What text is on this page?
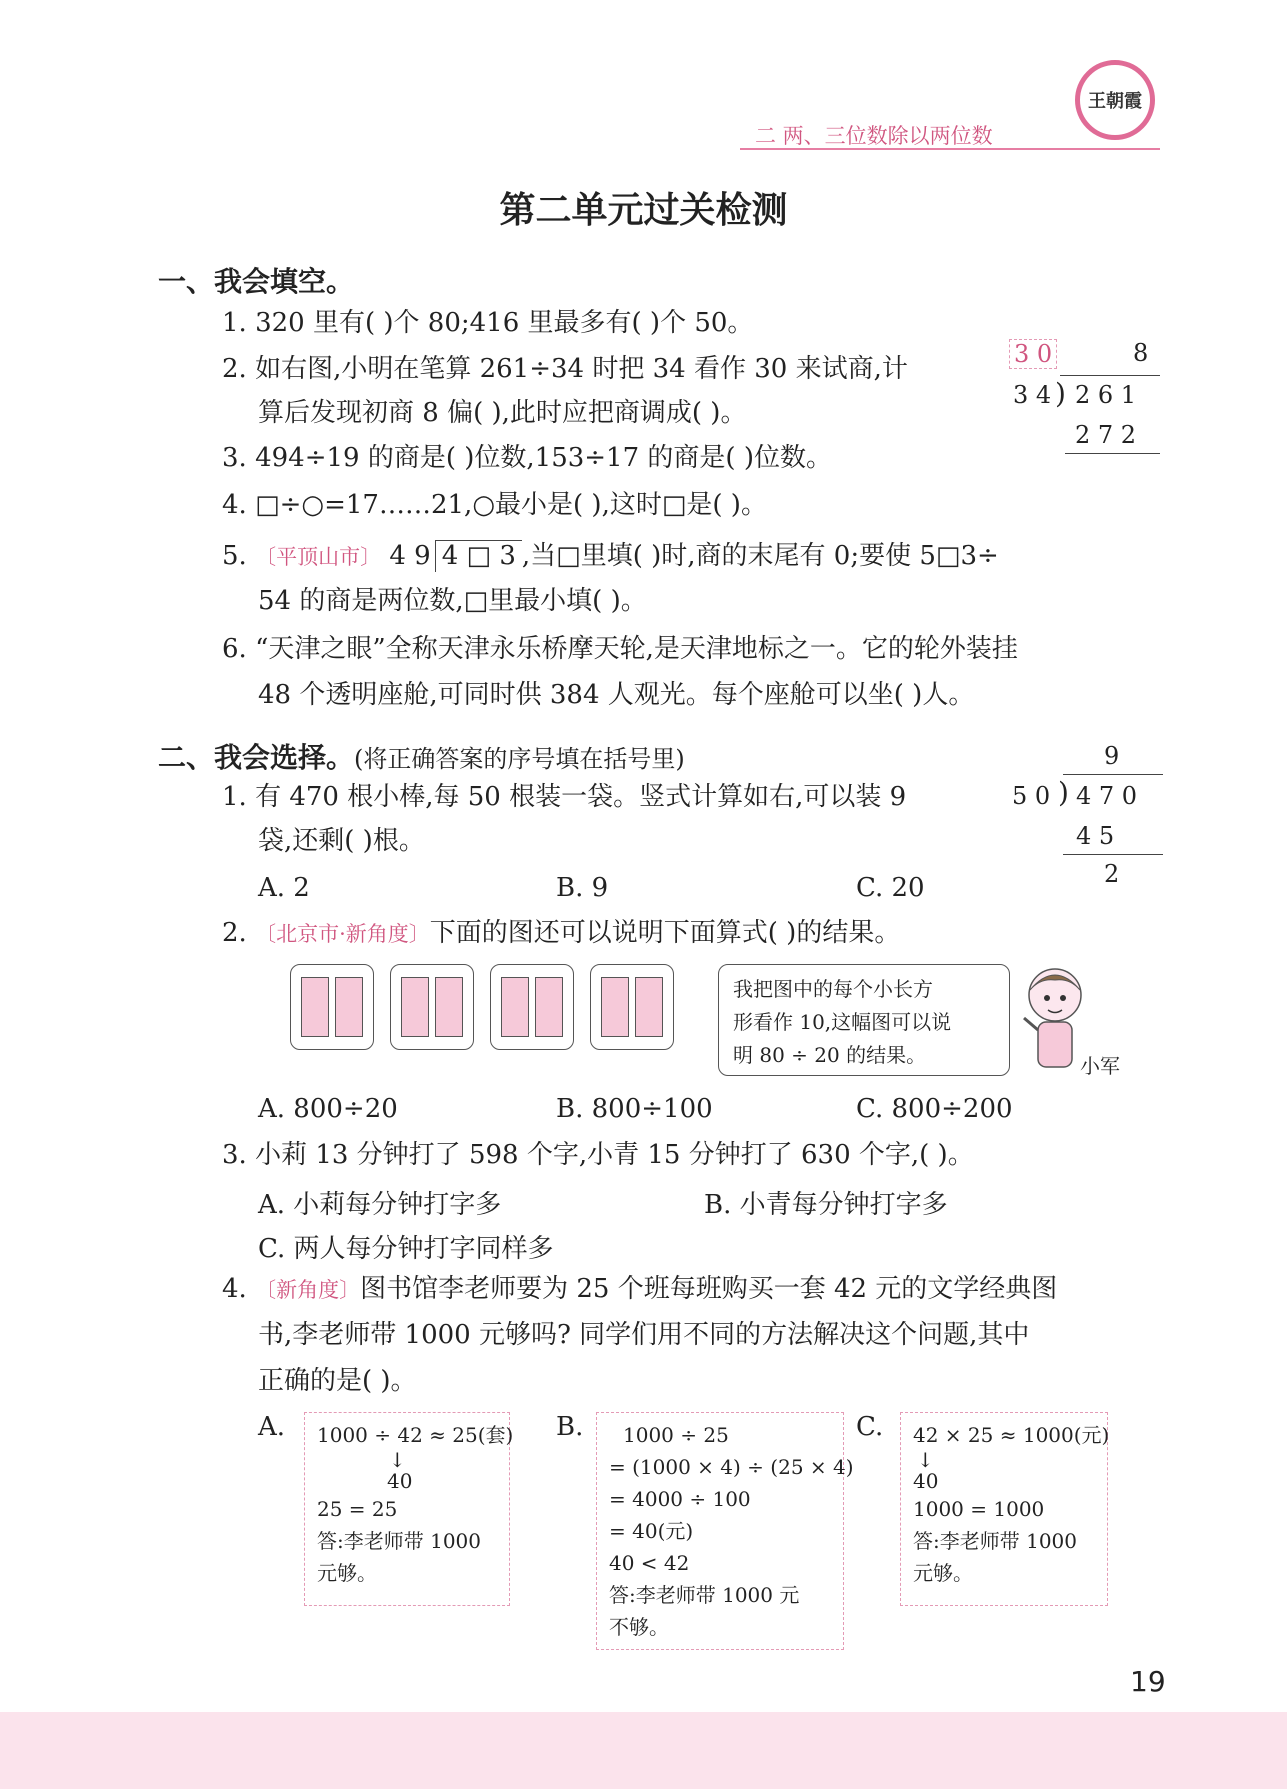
二 两、三位数除以两位数
王朝霞
第二单元过关检测
一、我会填空。
1. 320 里有( )个 80;416 里最多有( )个 50。
2. 如右图,小明在笔算 261÷34 时把 34 看作 30 来试商,计
算后发现初商 8 偏( ),此时应把商调成( )。
3 0	8
3 4 ) 2 6 1
2 7 2
3. 494÷19 的商是( )位数,153÷17 的商是( )位数。
4. □÷○=17……21,○最小是( ),这时□是( )。
5. 〔平顶山市〕 4 9 4 □ 3 ,当□里填( )时,商的末尾有 0;要使 5□3÷
54 的商是两位数,□里最小填( )。
6. “天津之眼”全称天津永乐桥摩天轮,是天津地标之一。它的轮外装挂
48 个透明座舱,可同时供 384 人观光。每个座舱可以坐( )人。
二、我会选择。(将正确答案的序号填在括号里)
1. 有 470 根小棒,每 50 根装一袋。竖式计算如右,可以装 9
袋,还剩( )根。
9
5 0 ) 4 7 0
4 5
2
A. 2	B. 9	C. 20
2. 〔北京市·新角度〕下面的图还可以说明下面算式( )的结果。
我把图中的每个小长方
形看作 10,这幅图可以说
明 80 ÷ 20 的结果。	小军
A. 800÷20	B. 800÷100	C. 800÷200
3. 小莉 13 分钟打了 598 个字,小青 15 分钟打了 630 个字,( )。
A. 小莉每分钟打字多	B. 小青每分钟打字多
C. 两人每分钟打字同样多
4. 〔新角度〕图书馆李老师要为 25 个班每班购买一套 42 元的文学经典图
书,李老师带 1000 元够吗? 同学们用不同的方法解决这个问题,其中
正确的是( )。
A. 1000 ÷ 42 ≈ 25(套)
↓
40
25 = 25
答:李老师带 1000
元够。
B.	1000 ÷ 25
= (1000 × 4) ÷ (25 × 4)
= 4000 ÷ 100
= 40(元)
40 < 42
答:李老师带 1000 元
不够。
C. 42 × 25 ≈ 1000(元)
↓
40
1000 = 1000
答:李老师带 1000
元够。
19
